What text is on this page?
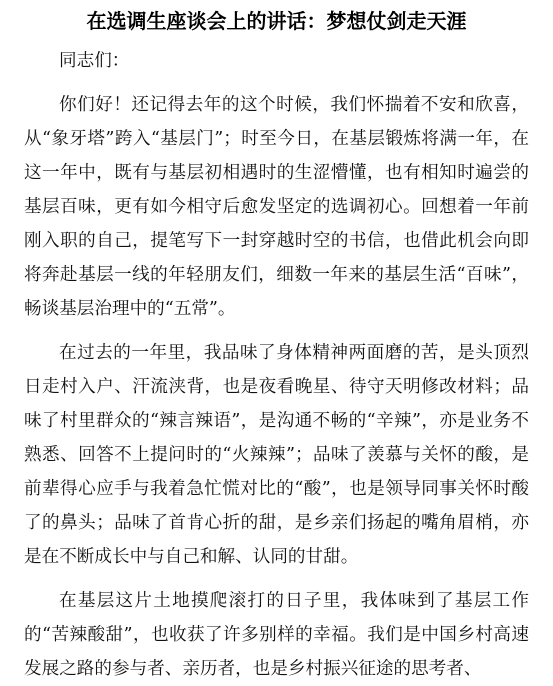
在选调生座谈会上的讲话：梦想仗剑走天涯

同志们：

你们好！还记得去年的这个时候，我们怀揣着不安和欣喜，从“象牙塔”跨入“基层门”；时至今日，在基层锻炼将满一年，在这一年中，既有与基层初相遇时的生涩懵懂，也有相知时遍尝的基层百味，更有如今相守后愈发坚定的选调初心。回想着一年前刚入职的自己，提笔写下一封穿越时空的书信，也借此机会向即将奔赴基层一线的年轻朋友们，细数一年来的基层生活“百味”，畅谈基层治理中的“五常”。

在过去的一年里，我品味了身体精神两面磨的苦，是头顶烈日走村入户、汗流浃背，也是夜看晚星、待守天明修改材料；品味了村里群众的“辣言辣语”，是沟通不畅的“辛辣”，亦是业务不熟悉、回答不上提问时的“火辣辣”；品味了羡慕与关怀的酸，是前辈得心应手与我着急忙慌对比的“酸”，也是领导同事关怀时酸了的鼻头；品味了首肯心折的甜，是乡亲们扬起的嘴角眉梢，亦是在不断成长中与自己和解、认同的甘甜。

在基层这片土地摸爬滚打的日子里，我体味到了基层工作的“苦辣酸甜”，也收获了许多别样的幸福。我们是中国乡村高速发展之路的参与者、亲历者，也是乡村振兴征途的思考者、
